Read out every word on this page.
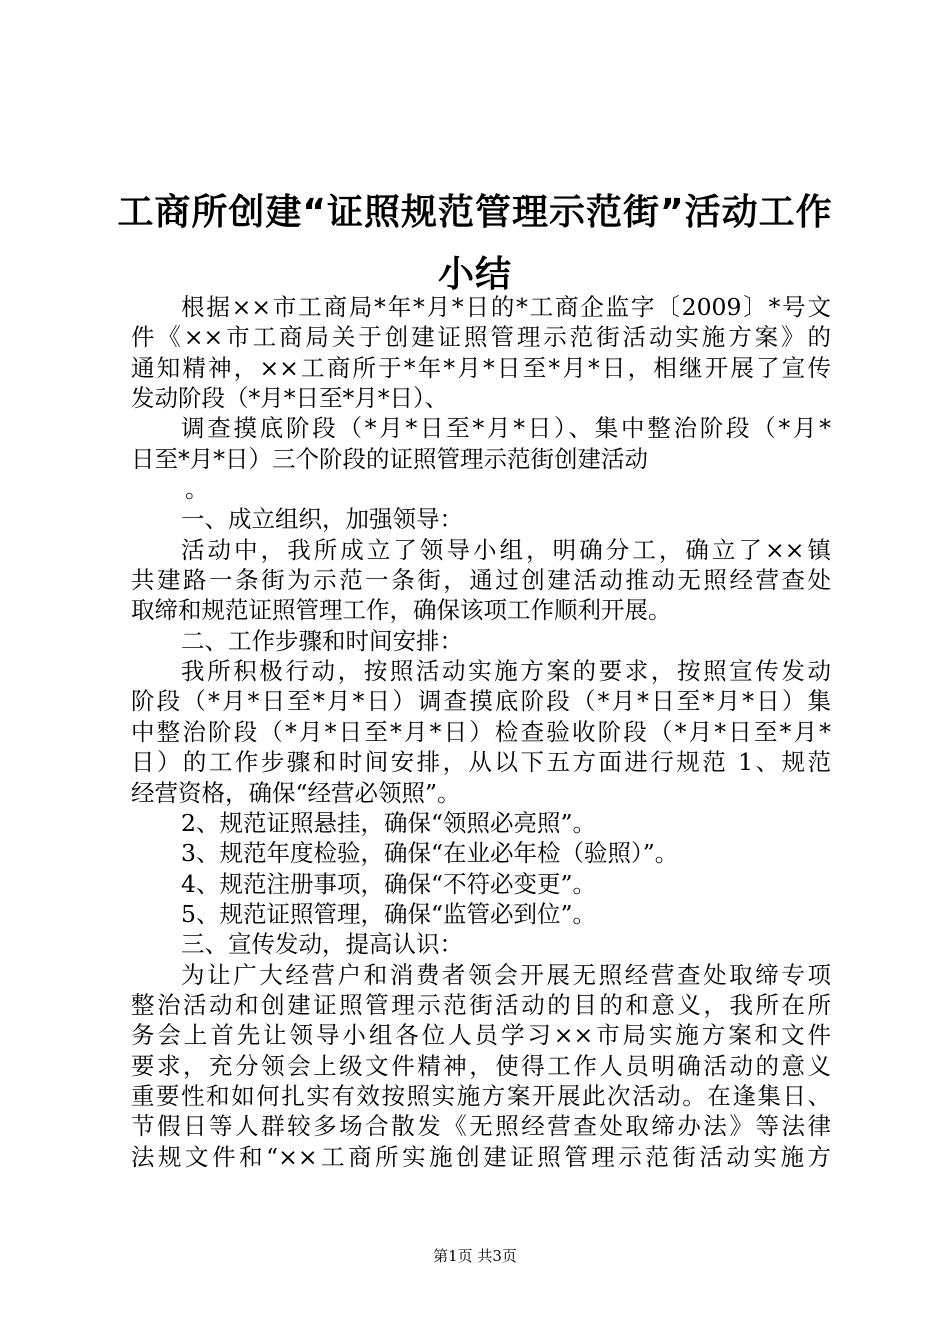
工商所创建“证照规范管理示范街”活动工作
小结
根据××市工商局*年*月*日的*工商企监字〔2009〕*号文
件《××市工商局关于创建证照管理示范街活动实施方案》的
通知精神，××工商所于*年*月*日至*月*日，相继开展了宣传
发动阶段（*月*日至*月*日）、
调查摸底阶段（*月*日至*月*日）、集中整治阶段（*月*
日至*月*日）三个阶段的证照管理示范街创建活动
。
一、成立组织，加强领导：
活动中，我所成立了领导小组，明确分工，确立了××镇
共建路一条街为示范一条街，通过创建活动推动无照经营查处
取缔和规范证照管理工作，确保该项工作顺利开展。
二、工作步骤和时间安排：
我所积极行动，按照活动实施方案的要求，按照宣传发动
阶段（*月*日至*月*日）调查摸底阶段（*月*日至*月*日）集
中整治阶段（*月*日至*月*日）检查验收阶段（*月*日至*月*
日）的工作步骤和时间安排，从以下五方面进行规范 1、规范
经营资格，确保“经营必领照”。
2、规范证照悬挂，确保“领照必亮照”。
3、规范年度检验，确保“在业必年检（验照）”。
4、规范注册事项，确保“不符必变更”。
5、规范证照管理，确保“监管必到位”。
三、宣传发动，提高认识：
为让广大经营户和消费者领会开展无照经营查处取缔专项
整治活动和创建证照管理示范街活动的目的和意义，我所在所
务会上首先让领导小组各位人员学习××市局实施方案和文件
要求，充分领会上级文件精神，使得工作人员明确活动的意义
重要性和如何扎实有效按照实施方案开展此次活动。在逢集日、
节假日等人群较多场合散发《无照经营查处取缔办法》等法律
法规文件和“××工商所实施创建证照管理示范街活动实施方
第1页 共3页
